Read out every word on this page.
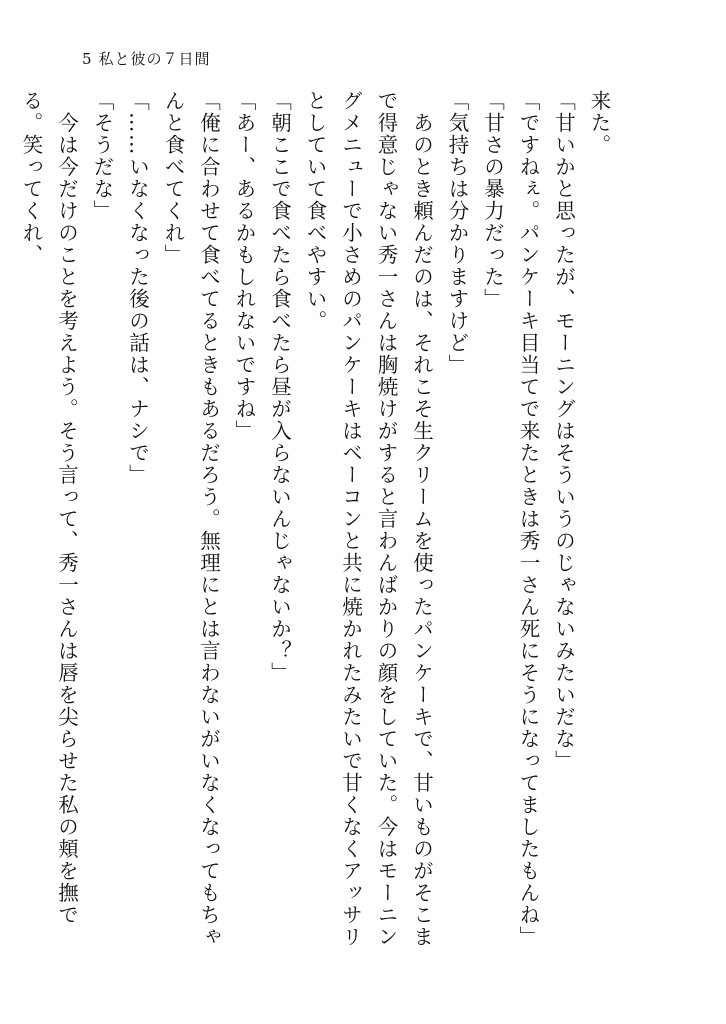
5 私と彼の７日間

来た。

「甘いかと思ったが、モーニングはそういうのじゃないみたいだな」

「ですねぇ。パンケーキ目当てで来たときは秀一さん死にそうになってましたもんね」

「甘さの暴力だった」

「気持ちは分かりますけど」

　あのとき頼んだのは、それこそ生クリームを使ったパンケーキで、甘いものがそこまで得意じゃない秀一さんは胸焼けがすると言わんばかりの顔をしていた。今はモーニングメニューで小さめのパンケーキはベーコンと共に焼かれたみたいで甘くなくアッサリとしていて食べやすい。

「朝ここで食べたら食べたら昼が入らないんじゃないか？」

「あー、あるかもしれないですね」

「俺に合わせて食べてるときもあるだろう。無理にとは言わないがいなくなってもちゃんと食べてくれ」

「……いなくなった後の話は、ナシで」

「そうだな」

　今は今だけのことを考えよう。そう言って、秀一さんは唇を尖らせた私の頬を撫でる。笑ってくれ、
